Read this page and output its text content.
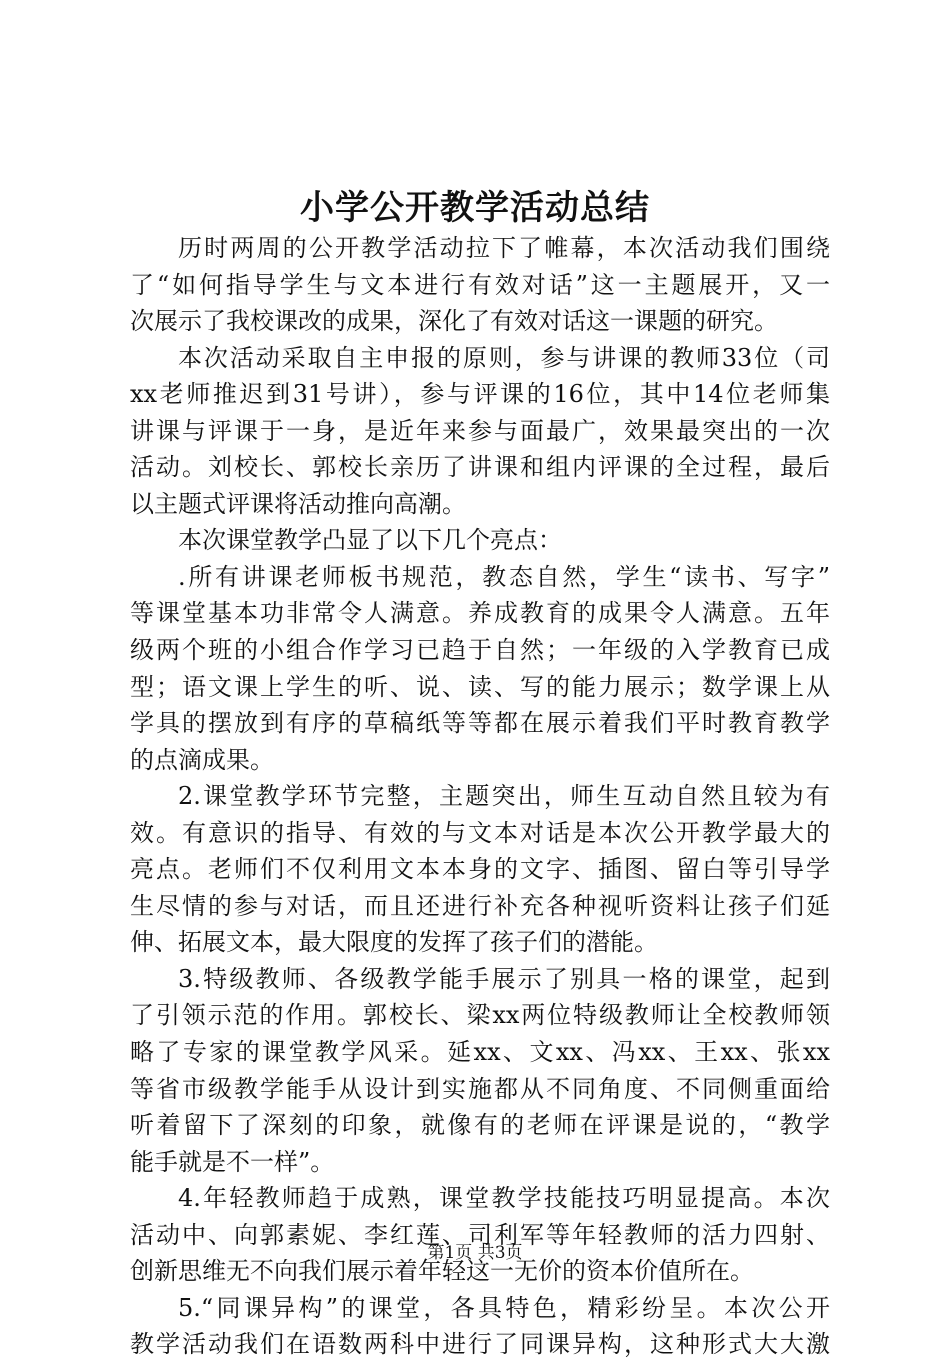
小学公开教学活动总结
历时两周的公开教学活动拉下了帷幕，本次活动我们围绕
了“如何指导学生与文本进行有效对话”这一主题展开，又一
次展示了我校课改的成果，深化了有效对话这一课题的研究。
本次活动采取自主申报的原则，参与讲课的教师33位（司
xx老师推迟到31号讲），参与评课的16位，其中14位老师集
讲课与评课于一身，是近年来参与面最广，效果最突出的一次
活动。刘校长、郭校长亲历了讲课和组内评课的全过程，最后
以主题式评课将活动推向高潮。
本次课堂教学凸显了以下几个亮点：
.所有讲课老师板书规范，教态自然，学生“读书、写字”
等课堂基本功非常令人满意。养成教育的成果令人满意。五年
级两个班的小组合作学习已趋于自然；一年级的入学教育已成
型；语文课上学生的听、说、读、写的能力展示；数学课上从
学具的摆放到有序的草稿纸等等都在展示着我们平时教育教学
的点滴成果。
2.课堂教学环节完整，主题突出，师生互动自然且较为有
效。有意识的指导、有效的与文本对话是本次公开教学最大的
亮点。老师们不仅利用文本本身的文字、插图、留白等引导学
生尽情的参与对话，而且还进行补充各种视听资料让孩子们延
伸、拓展文本，最大限度的发挥了孩子们的潜能。
3.特级教师、各级教学能手展示了别具一格的课堂，起到
了引领示范的作用。郭校长、梁xx两位特级教师让全校教师领
略了专家的课堂教学风采。延xx、文xx、冯xx、王xx、张xx
等省市级教学能手从设计到实施都从不同角度、不同侧重面给
听着留下了深刻的印象，就像有的老师在评课是说的，“教学
能手就是不一样”。
4.年轻教师趋于成熟，课堂教学技能技巧明显提高。本次
活动中、向郭素妮、李红莲、司利军等年轻教师的活力四射、
创新思维无不向我们展示着年轻这一无价的资本价值所在。
5.“同课异构”的课堂，各具特色，精彩纷呈。本次公开
教学活动我们在语数两科中进行了同课异构，这种形式大大激
第1页 共3页
